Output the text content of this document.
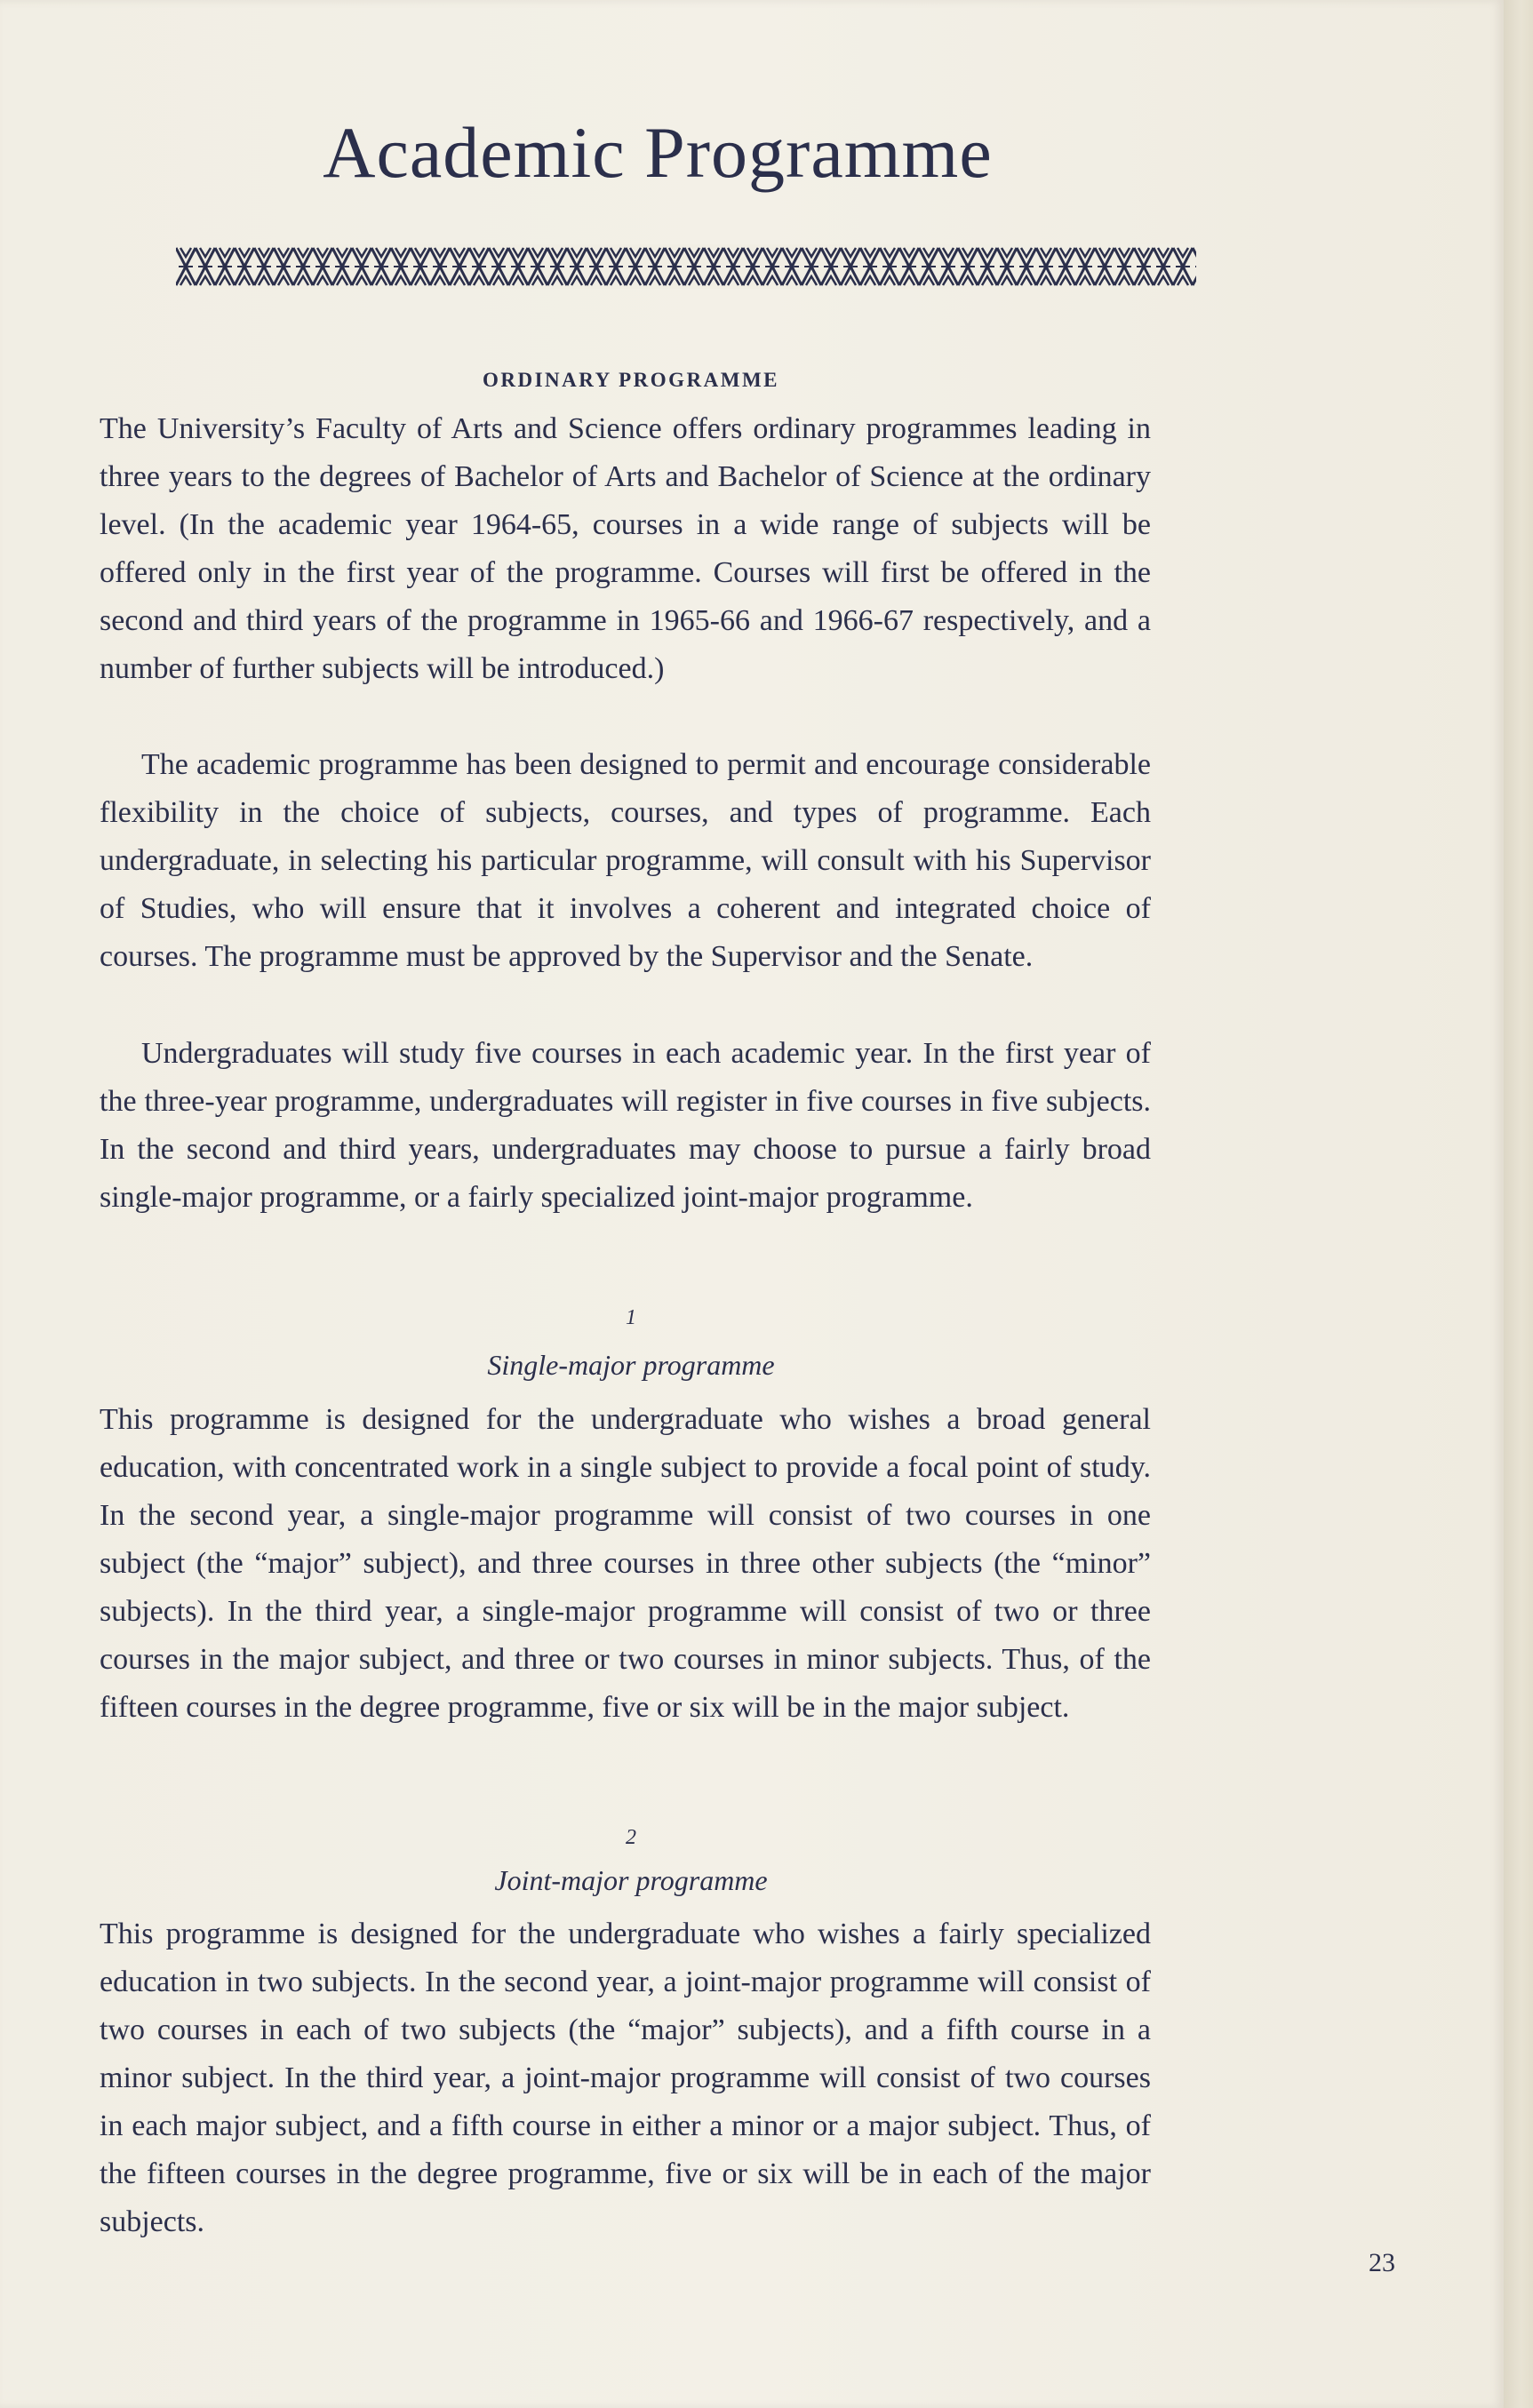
Academic Programme
ORDINARY PROGRAMME

The University’s Faculty of Arts and Science offers ordinary programmes leading in three years to the degrees of Bachelor of Arts and Bachelor of Science at the ordinary level. (In the academic year 1964-65, courses in a wide range of subjects will be offered only in the first year of the programme. Courses will first be offered in the second and third years of the programme in 1965-66 and 1966-67 respectively, and a number of further subjects will be introduced.)

The academic programme has been designed to permit and encourage considerable flexibility in the choice of subjects, courses, and types of programme. Each undergraduate, in selecting his particular programme, will consult with his Supervisor of Studies, who will ensure that it involves a coherent and integrated choice of courses. The programme must be approved by the Supervisor and the Senate.

Undergraduates will study five courses in each academic year. In the first year of the three-year programme, undergraduates will register in five courses in five subjects. In the second and third years, undergraduates may choose to pursue a fairly broad single-major programme, or a fairly specialized joint-major programme.

1
Single-major programme

This programme is designed for the undergraduate who wishes a broad general education, with concentrated work in a single subject to provide a focal point of study. In the second year, a single-major programme will consist of two courses in one subject (the “major” subject), and three courses in three other subjects (the “minor” subjects). In the third year, a single-major programme will consist of two or three courses in the major subject, and three or two courses in minor subjects. Thus, of the fifteen courses in the degree programme, five or six will be in the major subject.

2
Joint-major programme

This programme is designed for the undergraduate who wishes a fairly specialized education in two subjects. In the second year, a joint-major programme will consist of two courses in each of two subjects (the “major” subjects), and a fifth course in a minor subject. In the third year, a joint-major programme will consist of two courses in each major subject, and a fifth course in either a minor or a major subject. Thus, of the fifteen courses in the degree programme, five or six will be in each of the major subjects.

23
